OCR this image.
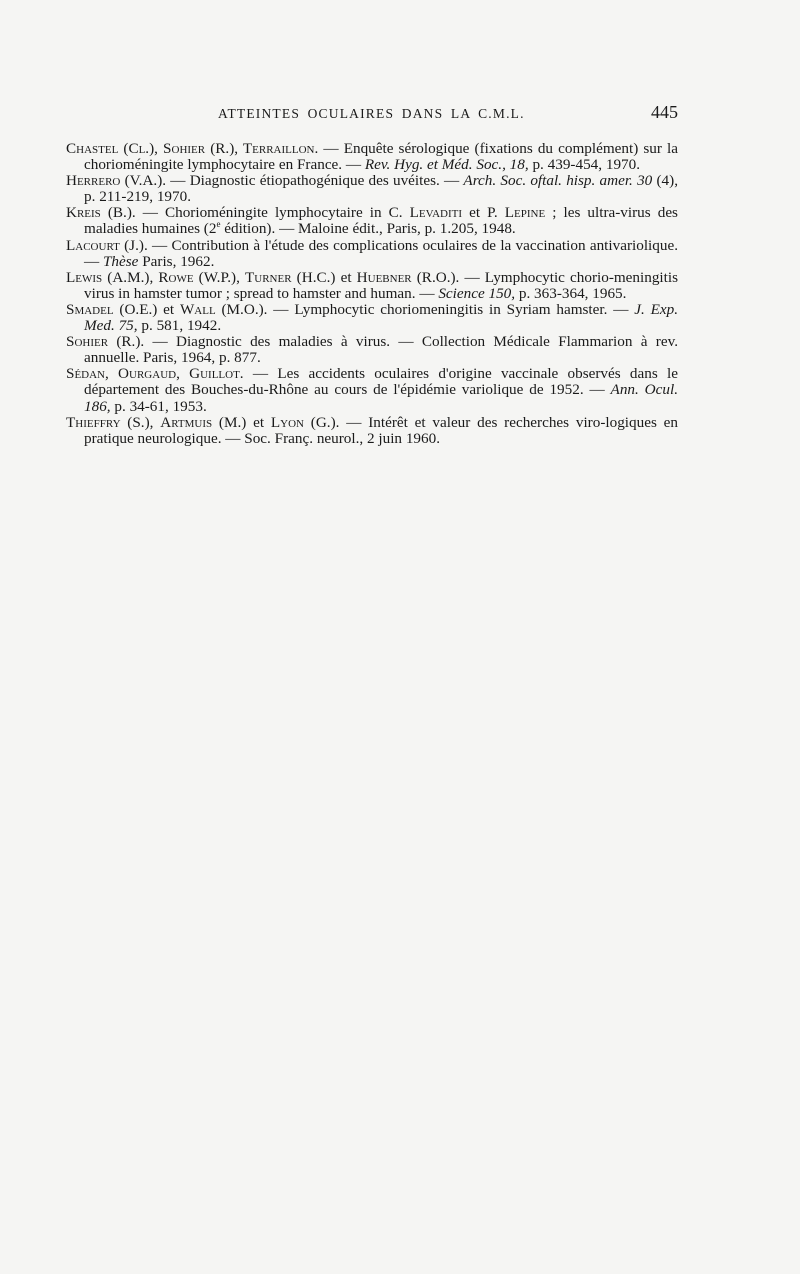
ATTEINTES OCULAIRES DANS LA C.M.L.	445

Chastel (Cl.), Sohier (R.), Terraillon. — Enquête sérologique (fixations du complément) sur la chorioméningite lymphocytaire en France. — Rev. Hyg. et Méd. Soc., 18, p. 439-454, 1970.

Herrero (V.A.). — Diagnostic étiopathogénique des uvéites. — Arch. Soc. oftal. hisp. amer. 30 (4), p. 211-219, 1970.

Kreis (B.). — Chorioméningite lymphocytaire in C. Levaditi et P. Lepine ; les ultra-virus des maladies humaines (2e édition). — Maloine édit., Paris, p. 1.205, 1948.

Lacourt (J.). — Contribution à l'étude des complications oculaires de la vaccination antivariolique. — Thèse Paris, 1962.

Lewis (A.M.), Rowe (W.P.), Turner (H.C.) et Huebner (R.O.). — Lymphocytic chorio-meningitis virus in hamster tumor ; spread to hamster and human. — Science 150, p. 363-364, 1965.

Smadel (O.E.) et Wall (M.O.). — Lymphocytic choriomeningitis in Syriam hamster. — J. Exp. Med. 75, p. 581, 1942.

Sohier (R.). — Diagnostic des maladies à virus. — Collection Médicale Flammarion à rev. annuelle. Paris, 1964, p. 877.

Sédan, Ourgaud, Guillot. — Les accidents oculaires d'origine vaccinale observés dans le département des Bouches-du-Rhône au cours de l'épidémie variolique de 1952. — Ann. Ocul. 186, p. 34-61, 1953.

Thieffry (S.), Artmuis (M.) et Lyon (G.). — Intérêt et valeur des recherches viro-logiques en pratique neurologique. — Soc. Franç. neurol., 2 juin 1960.
